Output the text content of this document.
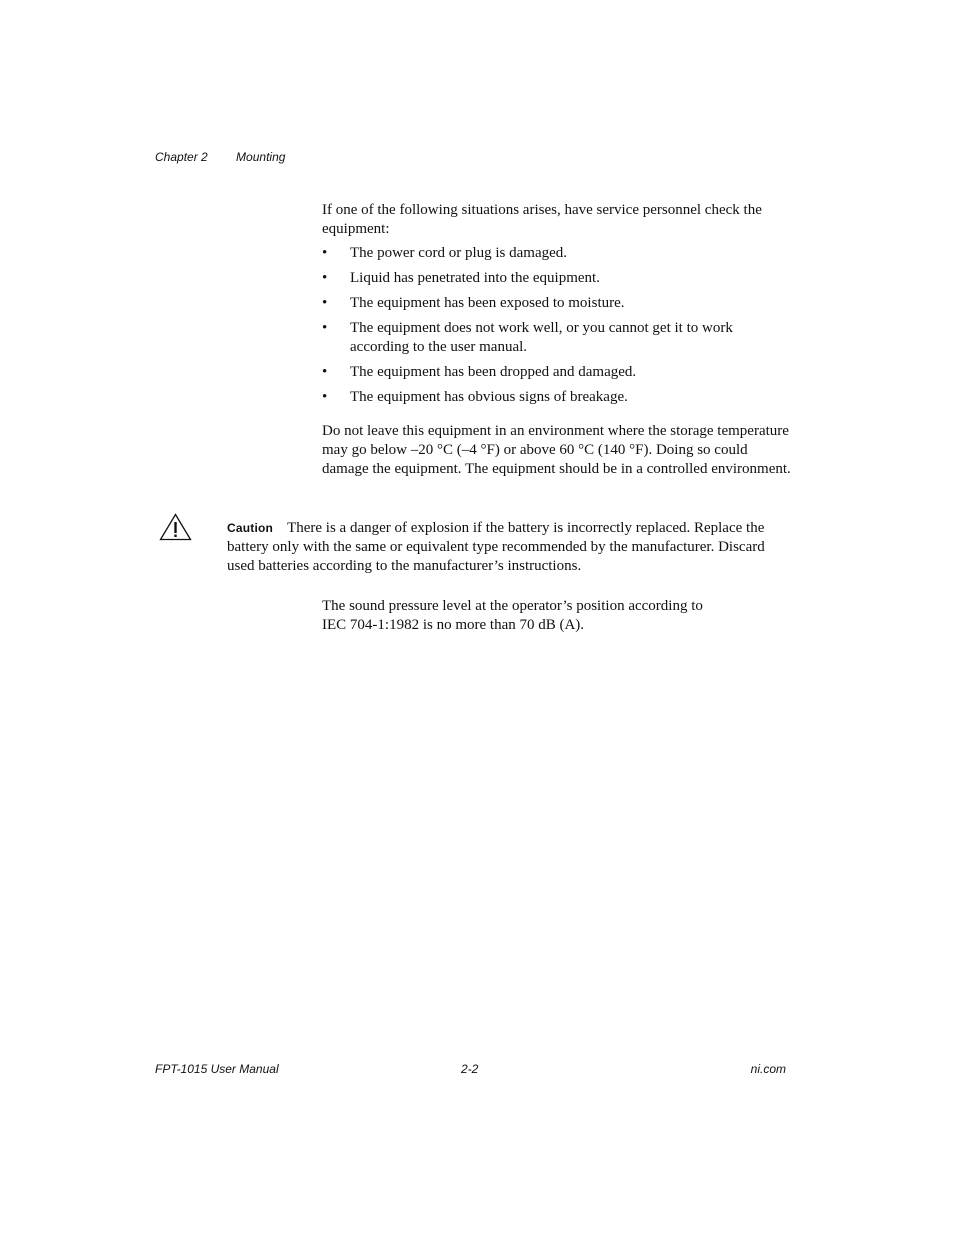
Chapter 2 Mounting

If one of the following situations arises, have service personnel check the equipment:

• The power cord or plug is damaged.
• Liquid has penetrated into the equipment.
• The equipment has been exposed to moisture.
• The equipment does not work well, or you cannot get it to work according to the user manual.
• The equipment has been dropped and damaged.
• The equipment has obvious signs of breakage.

Do not leave this equipment in an environment where the storage temperature may go below –20 °C (–4 °F) or above 60 °C (140 °F). Doing so could damage the equipment. The equipment should be in a controlled environment.

Caution There is a danger of explosion if the battery is incorrectly replaced. Replace the battery only with the same or equivalent type recommended by the manufacturer. Discard used batteries according to the manufacturer’s instructions.

The sound pressure level at the operator’s position according to IEC 704-1:1982 is no more than 70 dB (A).

FPT-1015 User Manual	2-2	ni.com
